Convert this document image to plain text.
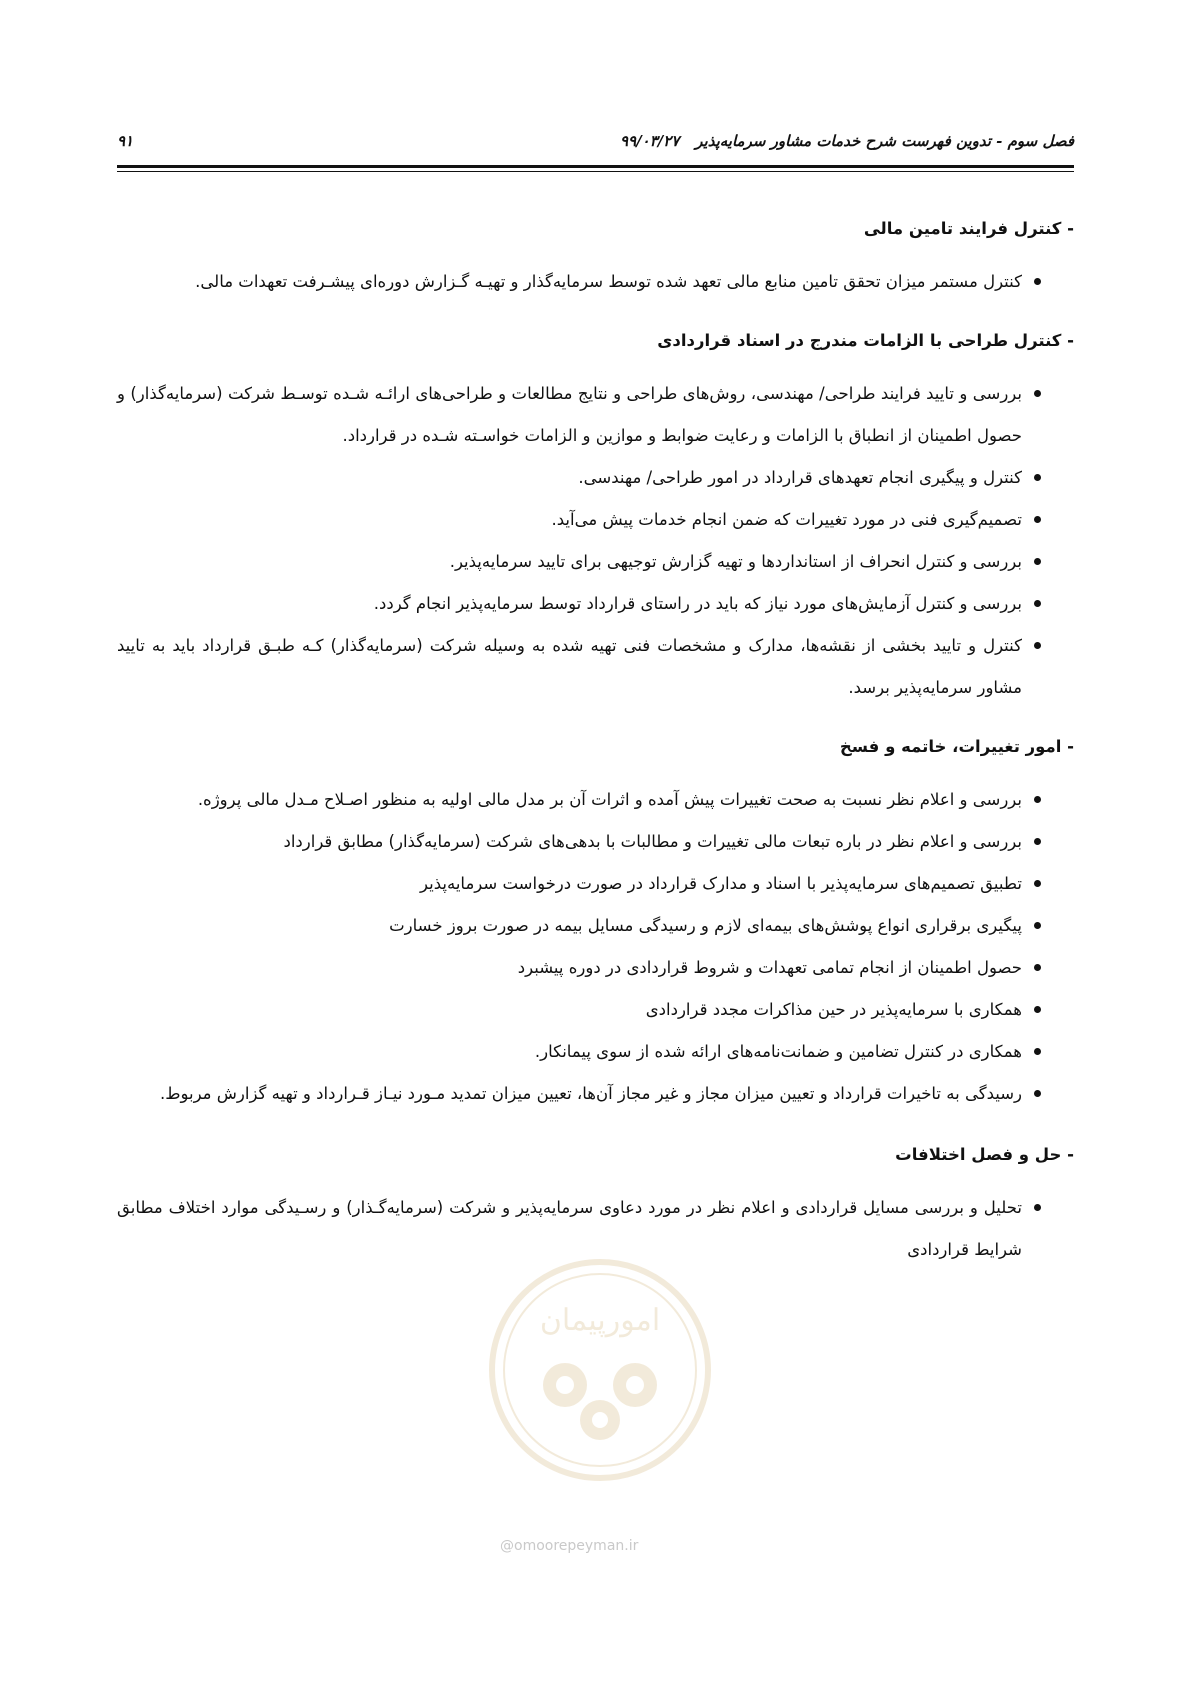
فصل سوم - تدوین فهرست شرح خدمات مشاور سرمایه‌پذیر۹۹/۰۳/۲۷
۹۱
- کنترل فرایند تامین مالی
کنترل مستمر میزان تحقق تامین منابع مالی تعهد شده توسط سرمایه‌گذار و تهیـه گـزارش دوره‌ای پیشـرفت تعهدات مالی.
- کنترل طراحی با الزامات مندرج در اسناد قراردادی
بررسی و تایید فرایند طراحی/ مهندسی، روش‌های طراحی و نتایج مطالعات و طراحی‌های ارائـه شـده توسـط شرکت (سرمایه‌گذار) و حصول اطمینان از انطباق با الزامات و رعایت ضوابط و موازین و الزامات خواسـته شـده در قرارداد.
کنترل و پیگیری انجام تعهدهای قرارداد در امور طراحی/ مهندسی.
تصمیم‌گیری فنی در مورد تغییرات که ضمن انجام خدمات پیش می‌آید.
بررسی و کنترل انحراف از استانداردها و تهیه گزارش توجیهی برای تایید سرمایه‌پذیر.
بررسی و کنترل آزمایش‌های مورد نیاز که باید در راستای قرارداد توسط سرمایه‌پذیر انجام گردد.
کنترل و تایید بخشی از نقشه‌ها، مدارک و مشخصات فنی تهیه شده به وسیله شرکت (سرمایه‌گذار) کـه طبـق قرارداد باید به تایید مشاور سرمایه‌پذیر برسد.
- امور تغییرات، خاتمه و فسخ
بررسی و اعلام نظر نسبت به صحت تغییرات پیش آمده و اثرات آن بر مدل مالی اولیه به منظور اصـلاح مـدل مالی پروژه.
بررسی و اعلام نظر در باره تبعات مالی تغییرات و مطالبات با بدهی‌های شرکت (سرمایه‌گذار) مطابق قرارداد
تطبیق تصمیم‌های سرمایه‌پذیر با اسناد و مدارک قرارداد در صورت درخواست سرمایه‌پذیر
پیگیری برقراری انواع پوشش‌های بیمه‌ای لازم و رسیدگی مسایل بیمه در صورت بروز خسارت
حصول اطمینان از انجام تمامی تعهدات و شروط قراردادی در دوره پیشبرد
همکاری با سرمایه‌پذیر در حین مذاکرات مجدد قراردادی
همکاری در کنترل تضامین و ضمانت‌نامه‌های ارائه شده از سوی پیمانکار.
رسیدگی به تاخیرات قرارداد و تعیین میزان مجاز و غیر مجاز آن‌ها، تعیین میزان تمدید مـورد نیـاز قـرارداد و تهیه گزارش مربوط.
- حل و فصل اختلافات
تحلیل و بررسی مسایل قراردادی و اعلام نظر در مورد دعاوی سرمایه‌پذیر و شرکت (سرمایه‌گـذار) و رسـیدگی موارد اختلاف مطابق شرایط قراردادی
امورپیمان
@omoorepeyman.ir
